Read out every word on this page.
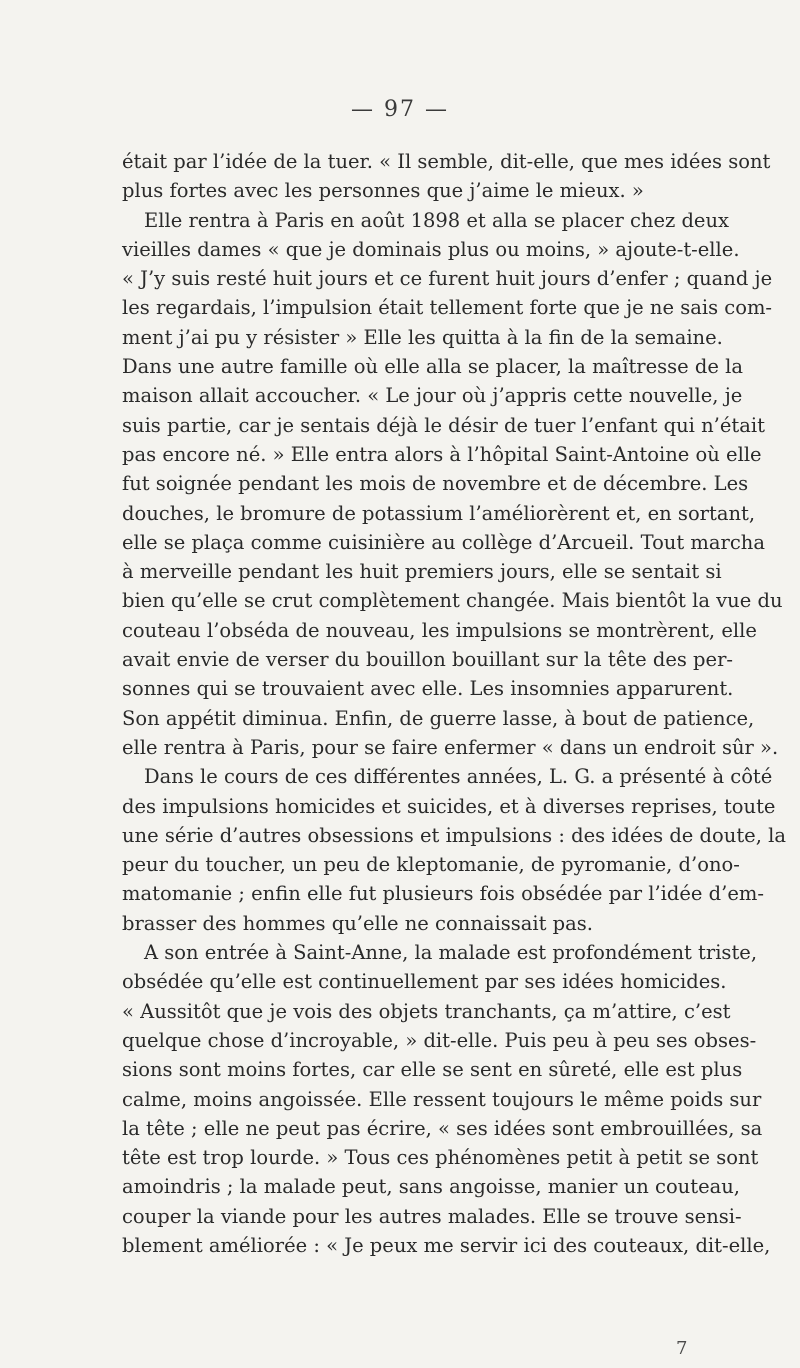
— 97 —
était par l’idée de la tuer. « Il semble, dit-elle, que mes idées sont
plus fortes avec les personnes que j’aime le mieux. »
Elle rentra à Paris en août 1898 et alla se placer chez deux
vieilles dames « que je dominais plus ou moins, » ajoute-t-elle.
« J’y suis resté huit jours et ce furent huit jours d’enfer ; quand je
les regardais, l’impulsion était tellement forte que je ne sais com-
ment j’ai pu y résister » Elle les quitta à la fin de la semaine.
Dans une autre famille où elle alla se placer, la maîtresse de la
maison allait accoucher. « Le jour où j’appris cette nouvelle, je
suis partie, car je sentais déjà le désir de tuer l’enfant qui n’était
pas encore né. » Elle entra alors à l’hôpital Saint-Antoine où elle
fut soignée pendant les mois de novembre et de décembre. Les
douches, le bromure de potassium l’améliorèrent et, en sortant,
elle se plaça comme cuisinière au collège d’Arcueil. Tout marcha
à merveille pendant les huit premiers jours, elle se sentait si
bien qu’elle se crut complètement changée. Mais bientôt la vue du
couteau l’obséda de nouveau, les impulsions se montrèrent, elle
avait envie de verser du bouillon bouillant sur la tête des per-
sonnes qui se trouvaient avec elle. Les insomnies apparurent.
Son appétit diminua. Enfin, de guerre lasse, à bout de patience,
elle rentra à Paris, pour se faire enfermer « dans un endroit sûr ».
Dans le cours de ces différentes années, L. G. a présenté à côté
des impulsions homicides et suicides, et à diverses reprises, toute
une série d’autres obsessions et impulsions : des idées de doute, la
peur du toucher, un peu de kleptomanie, de pyromanie, d’ono-
matomanie ; enfin elle fut plusieurs fois obsédée par l’idée d’em-
brasser des hommes qu’elle ne connaissait pas.
A son entrée à Saint-Anne, la malade est profondément triste,
obsédée qu’elle est continuellement par ses idées homicides.
« Aussitôt que je vois des objets tranchants, ça m’attire, c’est
quelque chose d’incroyable, » dit-elle. Puis peu à peu ses obses-
sions sont moins fortes, car elle se sent en sûreté, elle est plus
calme, moins angoissée. Elle ressent toujours le même poids sur
la tête ; elle ne peut pas écrire, « ses idées sont embrouillées, sa
tête est trop lourde. » Tous ces phénomènes petit à petit se sont
amoindris ; la malade peut, sans angoisse, manier un couteau,
couper la viande pour les autres malades. Elle se trouve sensi-
blement améliorée : « Je peux me servir ici des couteaux, dit-elle,
7
